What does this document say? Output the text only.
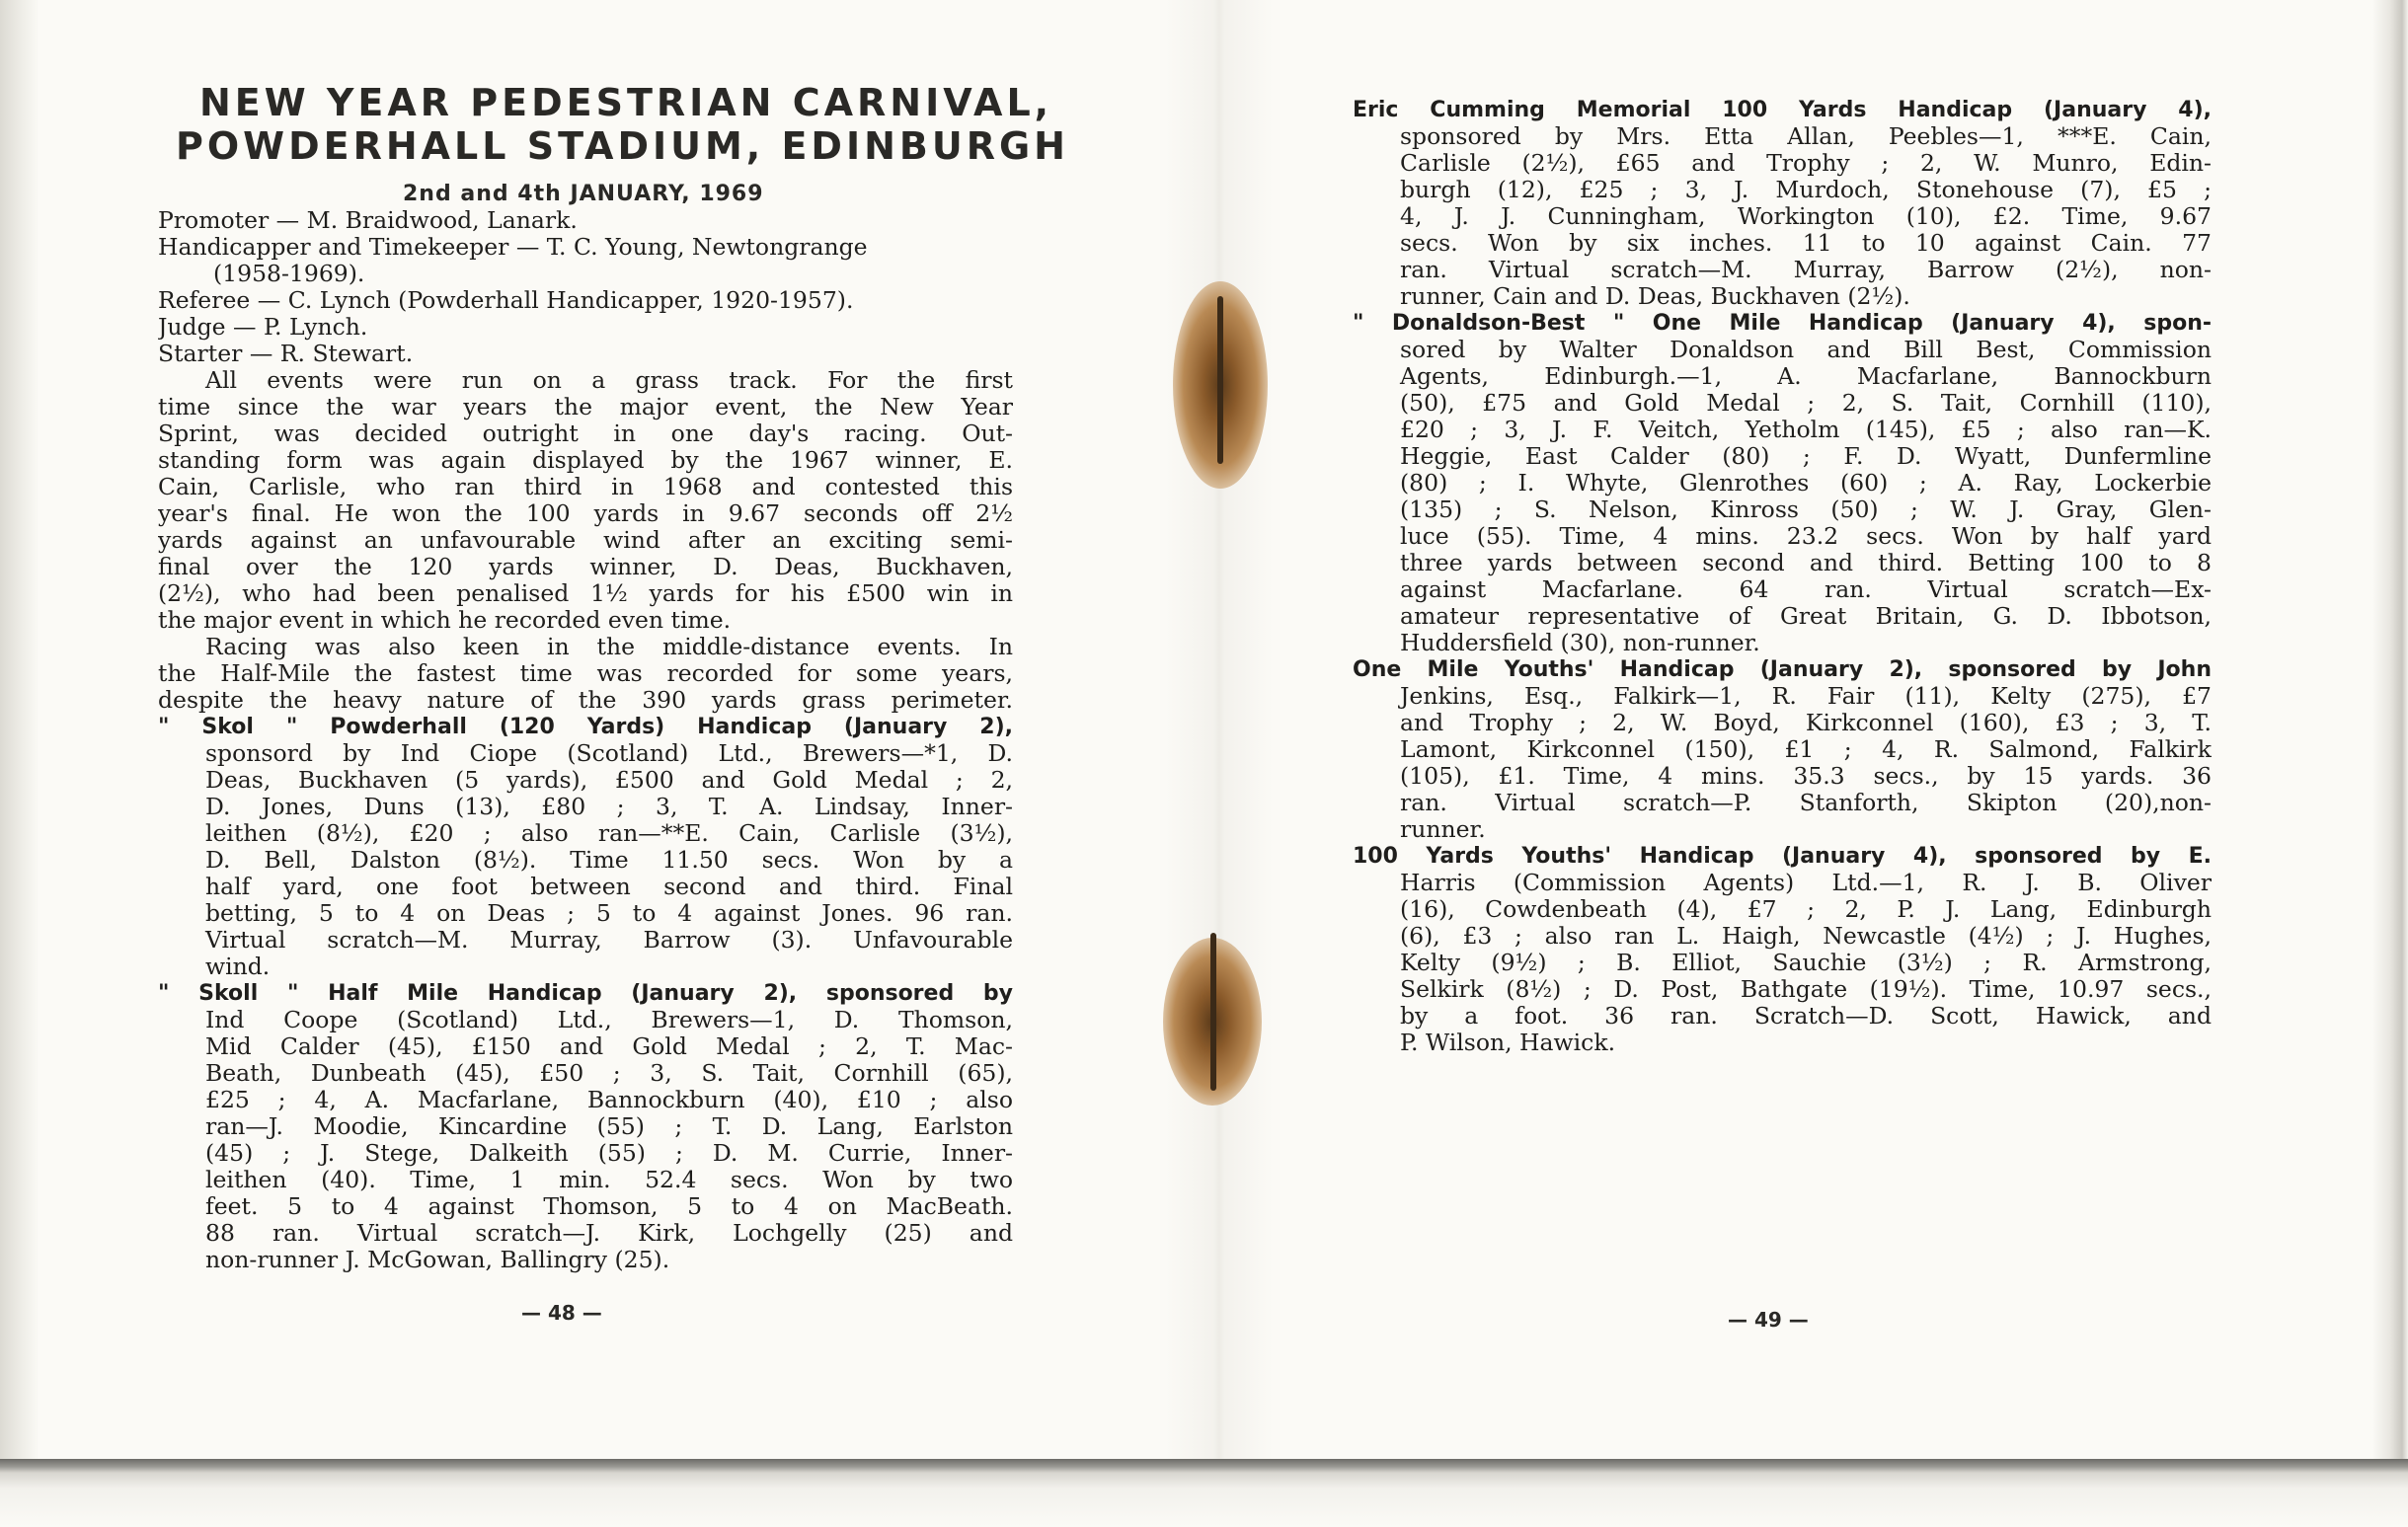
NEW YEAR PEDESTRIAN CARNIVAL,
POWDERHALL STADIUM, EDINBURGH
2nd and 4th JANUARY, 1969
Promoter — M. Braidwood, Lanark.
Handicapper and Timekeeper — T. C. Young, Newtongrange
(1958-1969).
Referee — C. Lynch (Powderhall Handicapper, 1920-1957).
Judge — P. Lynch.
Starter — R. Stewart.
All events were run on a grass track. For the first
time since the war years the major event, the New Year
Sprint, was decided outright in one day's racing. Out-
standing form was again displayed by the 1967 winner, E.
Cain, Carlisle, who ran third in 1968 and contested this
year's final. He won the 100 yards in 9.67 seconds off 2½
yards against an unfavourable wind after an exciting semi-
final over the 120 yards winner, D. Deas, Buckhaven,
(2½), who had been penalised 1½ yards for his £500 win in
the major event in which he recorded even time.
Racing was also keen in the middle-distance events. In
the Half-Mile the fastest time was recorded for some years,
despite the heavy nature of the 390 yards grass perimeter.
" Skol " Powderhall (120 Yards) Handicap (January 2),
sponsord by Ind Ciope (Scotland) Ltd., Brewers—*1, D.
Deas, Buckhaven (5 yards), £500 and Gold Medal ; 2,
D. Jones, Duns (13), £80 ; 3, T. A. Lindsay, Inner-
leithen (8½), £20 ; also ran—**E. Cain, Carlisle (3½),
D. Bell, Dalston (8½). Time 11.50 secs. Won by a
half yard, one foot between second and third. Final
betting, 5 to 4 on Deas ; 5 to 4 against Jones. 96 ran.
Virtual scratch—M. Murray, Barrow (3). Unfavourable
wind.
" Skoll " Half Mile Handicap (January 2), sponsored by
Ind Coope (Scotland) Ltd., Brewers—1, D. Thomson,
Mid Calder (45), £150 and Gold Medal ; 2, T. Mac-
Beath, Dunbeath (45), £50 ; 3, S. Tait, Cornhill (65),
£25 ; 4, A. Macfarlane, Bannockburn (40), £10 ; also
ran—J. Moodie, Kincardine (55) ; T. D. Lang, Earlston
(45) ; J. Stege, Dalkeith (55) ; D. M. Currie, Inner-
leithen (40). Time, 1 min. 52.4 secs. Won by two
feet. 5 to 4 against Thomson, 5 to 4 on MacBeath.
88 ran. Virtual scratch—J. Kirk, Lochgelly (25) and
non-runner J. McGowan, Ballingry (25).
— 48 —
Eric Cumming Memorial 100 Yards Handicap (January 4),
sponsored by Mrs. Etta Allan, Peebles—1, ***E. Cain,
Carlisle (2½), £65 and Trophy ; 2, W. Munro, Edin-
burgh (12), £25 ; 3, J. Murdoch, Stonehouse (7), £5 ;
4, J. J. Cunningham, Workington (10), £2. Time, 9.67
secs. Won by six inches. 11 to 10 against Cain. 77
ran. Virtual scratch—M. Murray, Barrow (2½), non-
runner, Cain and D. Deas, Buckhaven (2½).
" Donaldson-Best " One Mile Handicap (January 4), spon-
sored by Walter Donaldson and Bill Best, Commission
Agents, Edinburgh.—1, A. Macfarlane, Bannockburn
(50), £75 and Gold Medal ; 2, S. Tait, Cornhill (110),
£20 ; 3, J. F. Veitch, Yetholm (145), £5 ; also ran—K.
Heggie, East Calder (80) ; F. D. Wyatt, Dunfermline
(80) ; I. Whyte, Glenrothes (60) ; A. Ray, Lockerbie
(135) ; S. Nelson, Kinross (50) ; W. J. Gray, Glen-
luce (55). Time, 4 mins. 23.2 secs. Won by half yard
three yards between second and third. Betting 100 to 8
against Macfarlane. 64 ran. Virtual scratch—Ex-
amateur representative of Great Britain, G. D. Ibbotson,
Huddersfield (30), non-runner.
One Mile Youths' Handicap (January 2), sponsored by John
Jenkins, Esq., Falkirk—1, R. Fair (11), Kelty (275), £7
and Trophy ; 2, W. Boyd, Kirkconnel (160), £3 ; 3, T.
Lamont, Kirkconnel (150), £1 ; 4, R. Salmond, Falkirk
(105), £1. Time, 4 mins. 35.3 secs., by 15 yards. 36
ran. Virtual scratch—P. Stanforth, Skipton (20),non-
runner.
100 Yards Youths' Handicap (January 4), sponsored by E.
Harris (Commission Agents) Ltd.—1, R. J. B. Oliver
(16), Cowdenbeath (4), £7 ; 2, P. J. Lang, Edinburgh
(6), £3 ; also ran L. Haigh, Newcastle (4½) ; J. Hughes,
Kelty (9½) ; B. Elliot, Sauchie (3½) ; R. Armstrong,
Selkirk (8½) ; D. Post, Bathgate (19½). Time, 10.97 secs.,
by a foot. 36 ran. Scratch—D. Scott, Hawick, and
P. Wilson, Hawick.
— 49 —
